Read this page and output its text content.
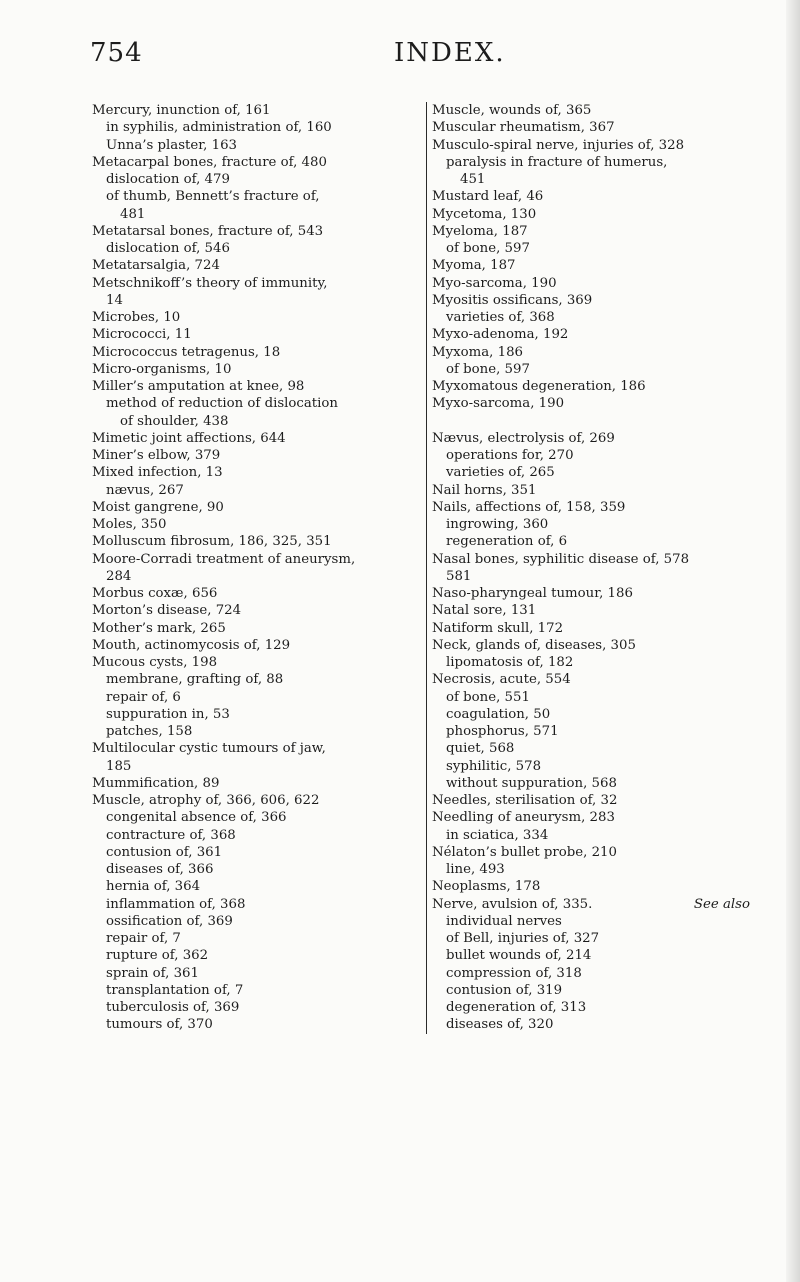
754	INDEX.
Mercury, inunction of, 161
in syphilis, administration of, 160
Unna’s plaster, 163
Metacarpal bones, fracture of, 480
dislocation of, 479
of thumb, Bennett’s fracture of,
481
Metatarsal bones, fracture of, 543
dislocation of, 546
Metatarsalgia, 724
Metschnikoff’s theory of immunity,
14
Microbes, 10
Micrococci, 11
Micrococcus tetragenus, 18
Micro-organisms, 10
Miller’s amputation at knee, 98
method of reduction of dislocation
of shoulder, 438
Mimetic joint affections, 644
Miner’s elbow, 379
Mixed infection, 13
nævus, 267
Moist gangrene, 90
Moles, 350
Molluscum fibrosum, 186, 325, 351
Moore-Corradi treatment of aneurysm,
284
Morbus coxæ, 656
Morton’s disease, 724
Mother’s mark, 265
Mouth, actinomycosis of, 129
Mucous cysts, 198
membrane, grafting of, 88
repair of, 6
suppuration in, 53
patches, 158
Multilocular cystic tumours of jaw,
185
Mummification, 89
Muscle, atrophy of, 366, 606, 622
congenital absence of, 366
contracture of, 368
contusion of, 361
diseases of, 366
hernia of, 364
inflammation of, 368
ossification of, 369
repair of, 7
rupture of, 362
sprain of, 361
transplantation of, 7
tuberculosis of, 369
tumours of, 370
Muscle, wounds of, 365
Muscular rheumatism, 367
Musculo-spiral nerve, injuries of, 328
paralysis in fracture of humerus,
451
Mustard leaf, 46
Mycetoma, 130
Myeloma, 187
of bone, 597
Myoma, 187
Myo-sarcoma, 190
Myositis ossificans, 369
varieties of, 368
Myxo-adenoma, 192
Myxoma, 186
of bone, 597
Myxomatous degeneration, 186
Myxo-sarcoma, 190
Nævus, electrolysis of, 269
operations for, 270
varieties of, 265
Nail horns, 351
Nails, affections of, 158, 359
ingrowing, 360
regeneration of, 6
Nasal bones, syphilitic disease of, 578
581
Naso-pharyngeal tumour, 186
Natal sore, 131
Natiform skull, 172
Neck, glands of, diseases, 305
lipomatosis of, 182
Necrosis, acute, 554
of bone, 551
coagulation, 50
phosphorus, 571
quiet, 568
syphilitic, 578
without suppuration, 568
Needles, sterilisation of, 32
Needling of aneurysm, 283
in sciatica, 334
Nélaton’s bullet probe, 210
line, 493
Neoplasms, 178
Nerve, avulsion of, 335.	See also
individual nerves
of Bell, injuries of, 327
bullet wounds of, 214
compression of, 318
contusion of, 319
degeneration of, 313
diseases of, 320
